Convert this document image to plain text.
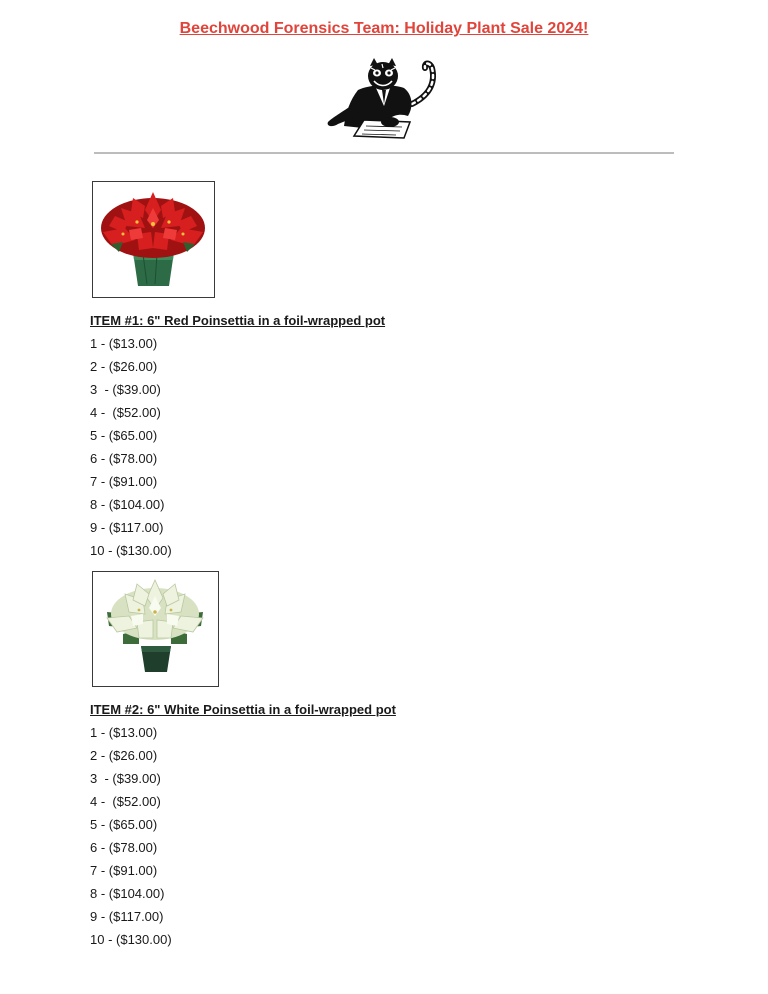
Beechwood Forensics Team: Holiday Plant Sale 2024!
ITEM #1: 6" Red Poinsettia in a foil-wrapped pot
1 - ($13.00)
2 - ($26.00)
3  - ($39.00)
4 -  ($52.00)
5 - ($65.00)
6 - ($78.00)
7 - ($91.00)
8 - ($104.00)
9 - ($117.00)
10 - ($130.00)
ITEM #2: 6" White Poinsettia in a foil-wrapped pot
1 - ($13.00)
2 - ($26.00)
3  - ($39.00)
4 -  ($52.00)
5 - ($65.00)
6 - ($78.00)
7 - ($91.00)
8 - ($104.00)
9 - ($117.00)
10 - ($130.00)
